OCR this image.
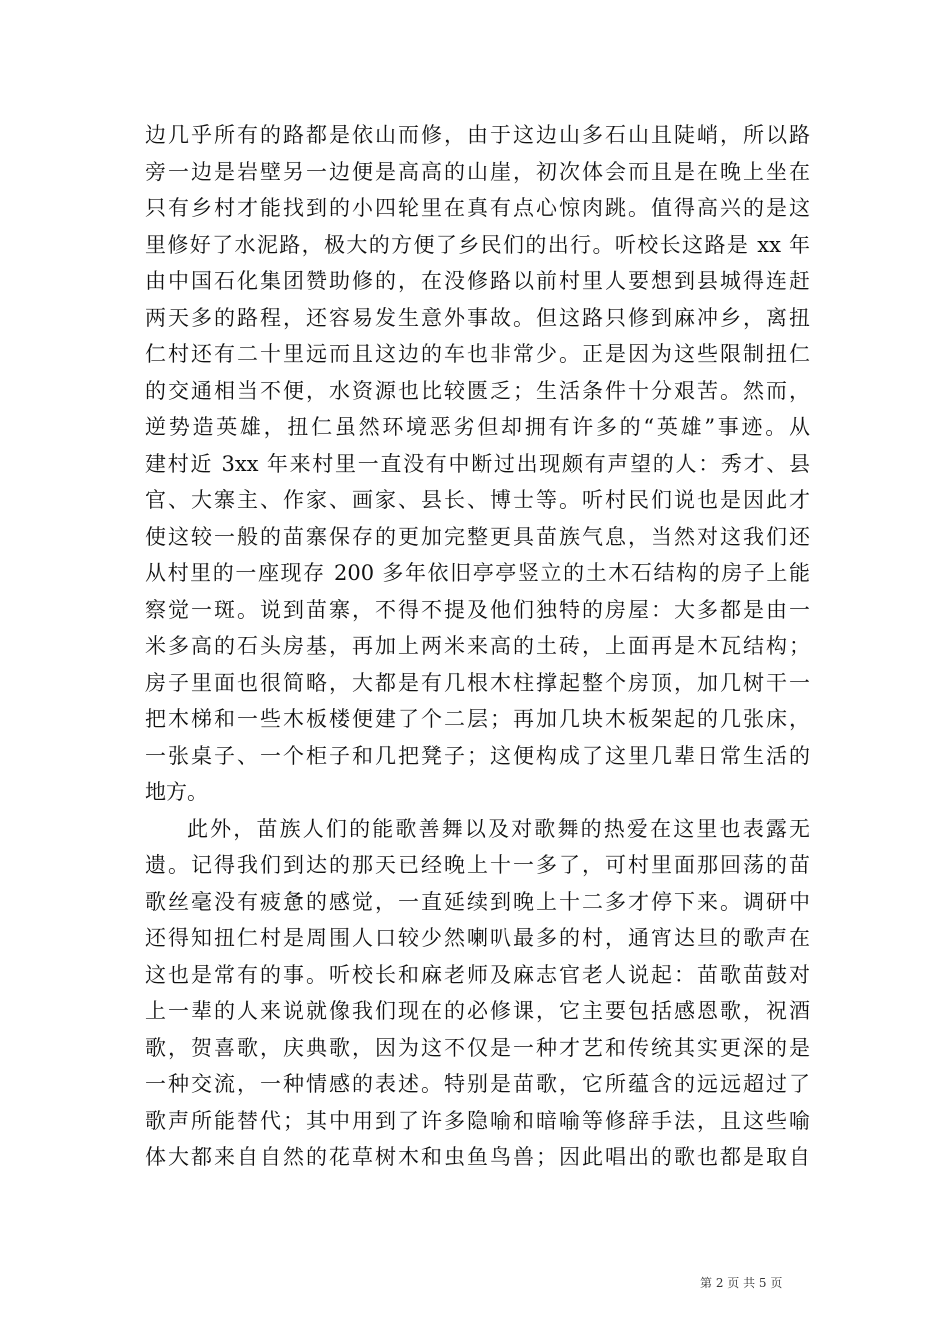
边几乎所有的路都是依山而修，由于这边山多石山且陡峭，所以路
旁一边是岩壁另一边便是高高的山崖，初次体会而且是在晚上坐在
只有乡村才能找到的小四轮里在真有点心惊肉跳。值得高兴的是这
里修好了水泥路，极大的方便了乡民们的出行。听校长这路是 xx 年
由中国石化集团赞助修的，在没修路以前村里人要想到县城得连赶
两天多的路程，还容易发生意外事故。但这路只修到麻冲乡，离扭
仁村还有二十里远而且这边的车也非常少。正是因为这些限制扭仁
的交通相当不便，水资源也比较匮乏；生活条件十分艰苦。然而，
逆势造英雄，扭仁虽然环境恶劣但却拥有许多的“英雄”事迹。从
建村近 3xx 年来村里一直没有中断过出现颇有声望的人：秀才、县
官、大寨主、作家、画家、县长、博士等。听村民们说也是因此才
使这较一般的苗寨保存的更加完整更具苗族气息，当然对这我们还
从村里的一座现存 200 多年依旧亭亭竖立的土木石结构的房子上能
察觉一斑。说到苗寨，不得不提及他们独特的房屋：大多都是由一
米多高的石头房基，再加上两米来高的土砖，上面再是木瓦结构；
房子里面也很简略，大都是有几根木柱撑起整个房顶，加几树干一
把木梯和一些木板楼便建了个二层；再加几块木板架起的几张床，
一张桌子、一个柜子和几把凳子；这便构成了这里几辈日常生活的
地方。

此外，苗族人们的能歌善舞以及对歌舞的热爱在这里也表露无
遗。记得我们到达的那天已经晚上十一多了，可村里面那回荡的苗
歌丝毫没有疲惫的感觉，一直延续到晚上十二多才停下来。调研中
还得知扭仁村是周围人口较少然喇叭最多的村，通宵达旦的歌声在
这也是常有的事。听校长和麻老师及麻志官老人说起：苗歌苗鼓对
上一辈的人来说就像我们现在的必修课，它主要包括感恩歌，祝酒
歌，贺喜歌，庆典歌，因为这不仅是一种才艺和传统其实更深的是
一种交流，一种情感的表述。特别是苗歌，它所蕴含的远远超过了
歌声所能替代；其中用到了许多隐喻和暗喻等修辞手法，且这些喻
体大都来自自然的花草树木和虫鱼鸟兽；因此唱出的歌也都是取自

第 2 页 共 5 页
